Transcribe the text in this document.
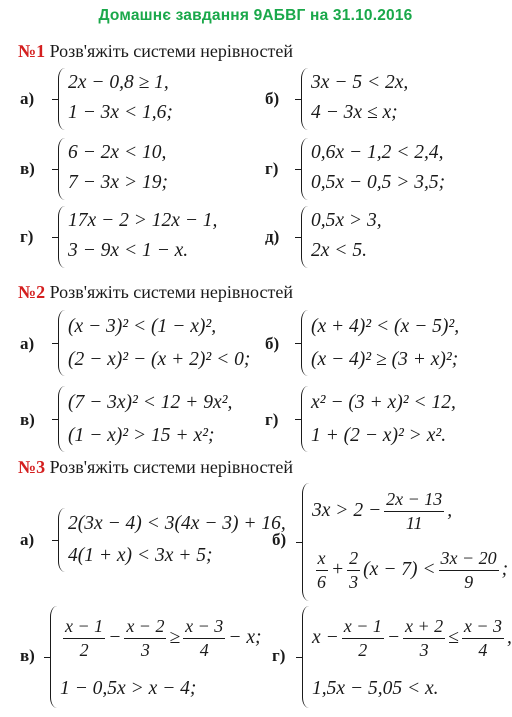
Домашнє завдання 9АБВГ на 31.10.2016
№1 Розв'яжіть системи нерівностей
а)
2x − 0,8 ≥ 1,
1 − 3x < 1,6;
б)
3x − 5 < 2x,
4 − 3x ≤ x;
в)
6 − 2x < 10,
7 − 3x > 19;
г)
0,6x − 1,2 < 2,4,
0,5x − 0,5 > 3,5;
г)
17x − 2 > 12x − 1,
3 − 9x < 1 − x.
д)
0,5x > 3,
2x < 5.
№2 Розв'яжіть системи нерівностей
а)
(x − 3)² < (1 − x)²,
(2 − x)² − (x + 2)² < 0;
б)
(x + 4)² < (x − 5)²,
(x − 4)² ≥ (3 + x)²;
в)
(7 − 3x)² < 12 + 9x²,
(1 − x)² > 15 + x²;
г)
x² − (3 + x)² < 12,
1 + (2 − x)² > x².
№3 Розв'яжіть системи нерівностей
а)
2(3x − 4) < 3(4x − 3) + 16,
4(1 + x) < 3x + 5;
б)
$3x > 2 - \frac{2x - 13}{11}$ ,
x
6
+ $\frac{2}{3} (x - 7)$ <
3x − 20
9
;
в)
x − 1
2
− $\frac{x - 2}{3} \ge \frac{x - 3}{4} - x$;
1 − 0,5x > x − 4;
г)
$x - \frac{x - 1}{2} - \frac{x + 2}{3} \le \frac{x - 3}{4}$ ,
1,5x − 5,05 < x.
